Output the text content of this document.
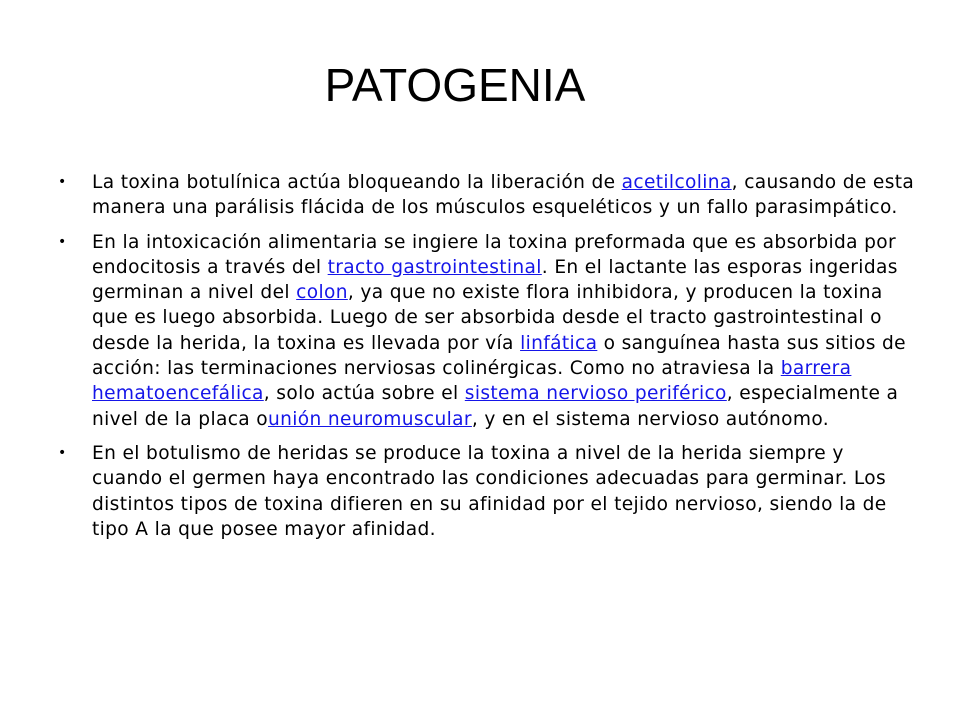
PATOGENIA
• La toxina botulínica actúa bloqueando la liberación de acetilcolina, causando de esta manera una parálisis flácida de los músculos esqueléticos y un fallo parasimpático.
• En la intoxicación alimentaria se ingiere la toxina preformada que es absorbida por endocitosis a través del tracto gastrointestinal. En el lactante las esporas ingeridas germinan a nivel del colon, ya que no existe flora inhibidora, y producen la toxina que es luego absorbida. Luego de ser absorbida desde el tracto gastrointestinal o desde la herida, la toxina es llevada por vía linfática o sanguínea hasta sus sitios de acción: las terminaciones nerviosas colinérgicas. Como no atraviesa la barrera hematoencefálica, solo actúa sobre el sistema nervioso periférico, especialmente a nivel de la placa ounión neuromuscular, y en el sistema nervioso autónomo.
• En el botulismo de heridas se produce la toxina a nivel de la herida siempre y cuando el germen haya encontrado las condiciones adecuadas para germinar. Los distintos tipos de toxina difieren en su afinidad por el tejido nervioso, siendo la de tipo A la que posee mayor afinidad.
